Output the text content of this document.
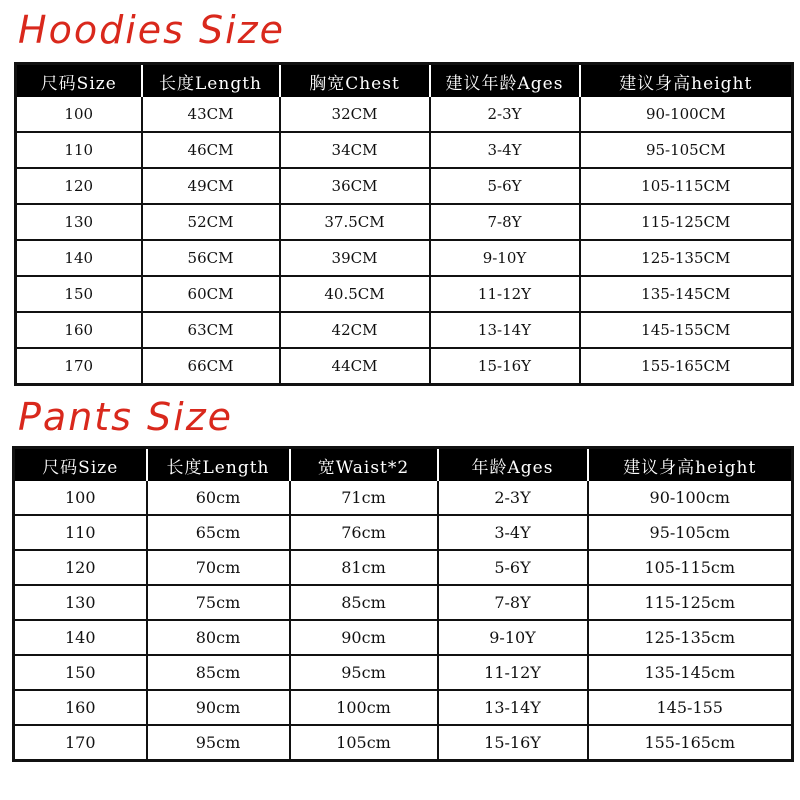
Hoodies Size
尺码Size	长度Length	胸宽Chest	建议年龄Ages	建议身高height
100	43CM	32CM	2-3Y	90-100CM
110	46CM	34CM	3-4Y	95-105CM
120	49CM	36CM	5-6Y	105-115CM
130	52CM	37.5CM	7-8Y	115-125CM
140	56CM	39CM	9-10Y	125-135CM
150	60CM	40.5CM	11-12Y	135-145CM
160	63CM	42CM	13-14Y	145-155CM
170	66CM	44CM	15-16Y	155-165CM
Pants Size
尺码Size	长度Length	宽Waist*2	年龄Ages	建议身高height
100	60cm	71cm	2-3Y	90-100cm
110	65cm	76cm	3-4Y	95-105cm
120	70cm	81cm	5-6Y	105-115cm
130	75cm	85cm	7-8Y	115-125cm
140	80cm	90cm	9-10Y	125-135cm
150	85cm	95cm	11-12Y	135-145cm
160	90cm	100cm	13-14Y	145-155
170	95cm	105cm	15-16Y	155-165cm
